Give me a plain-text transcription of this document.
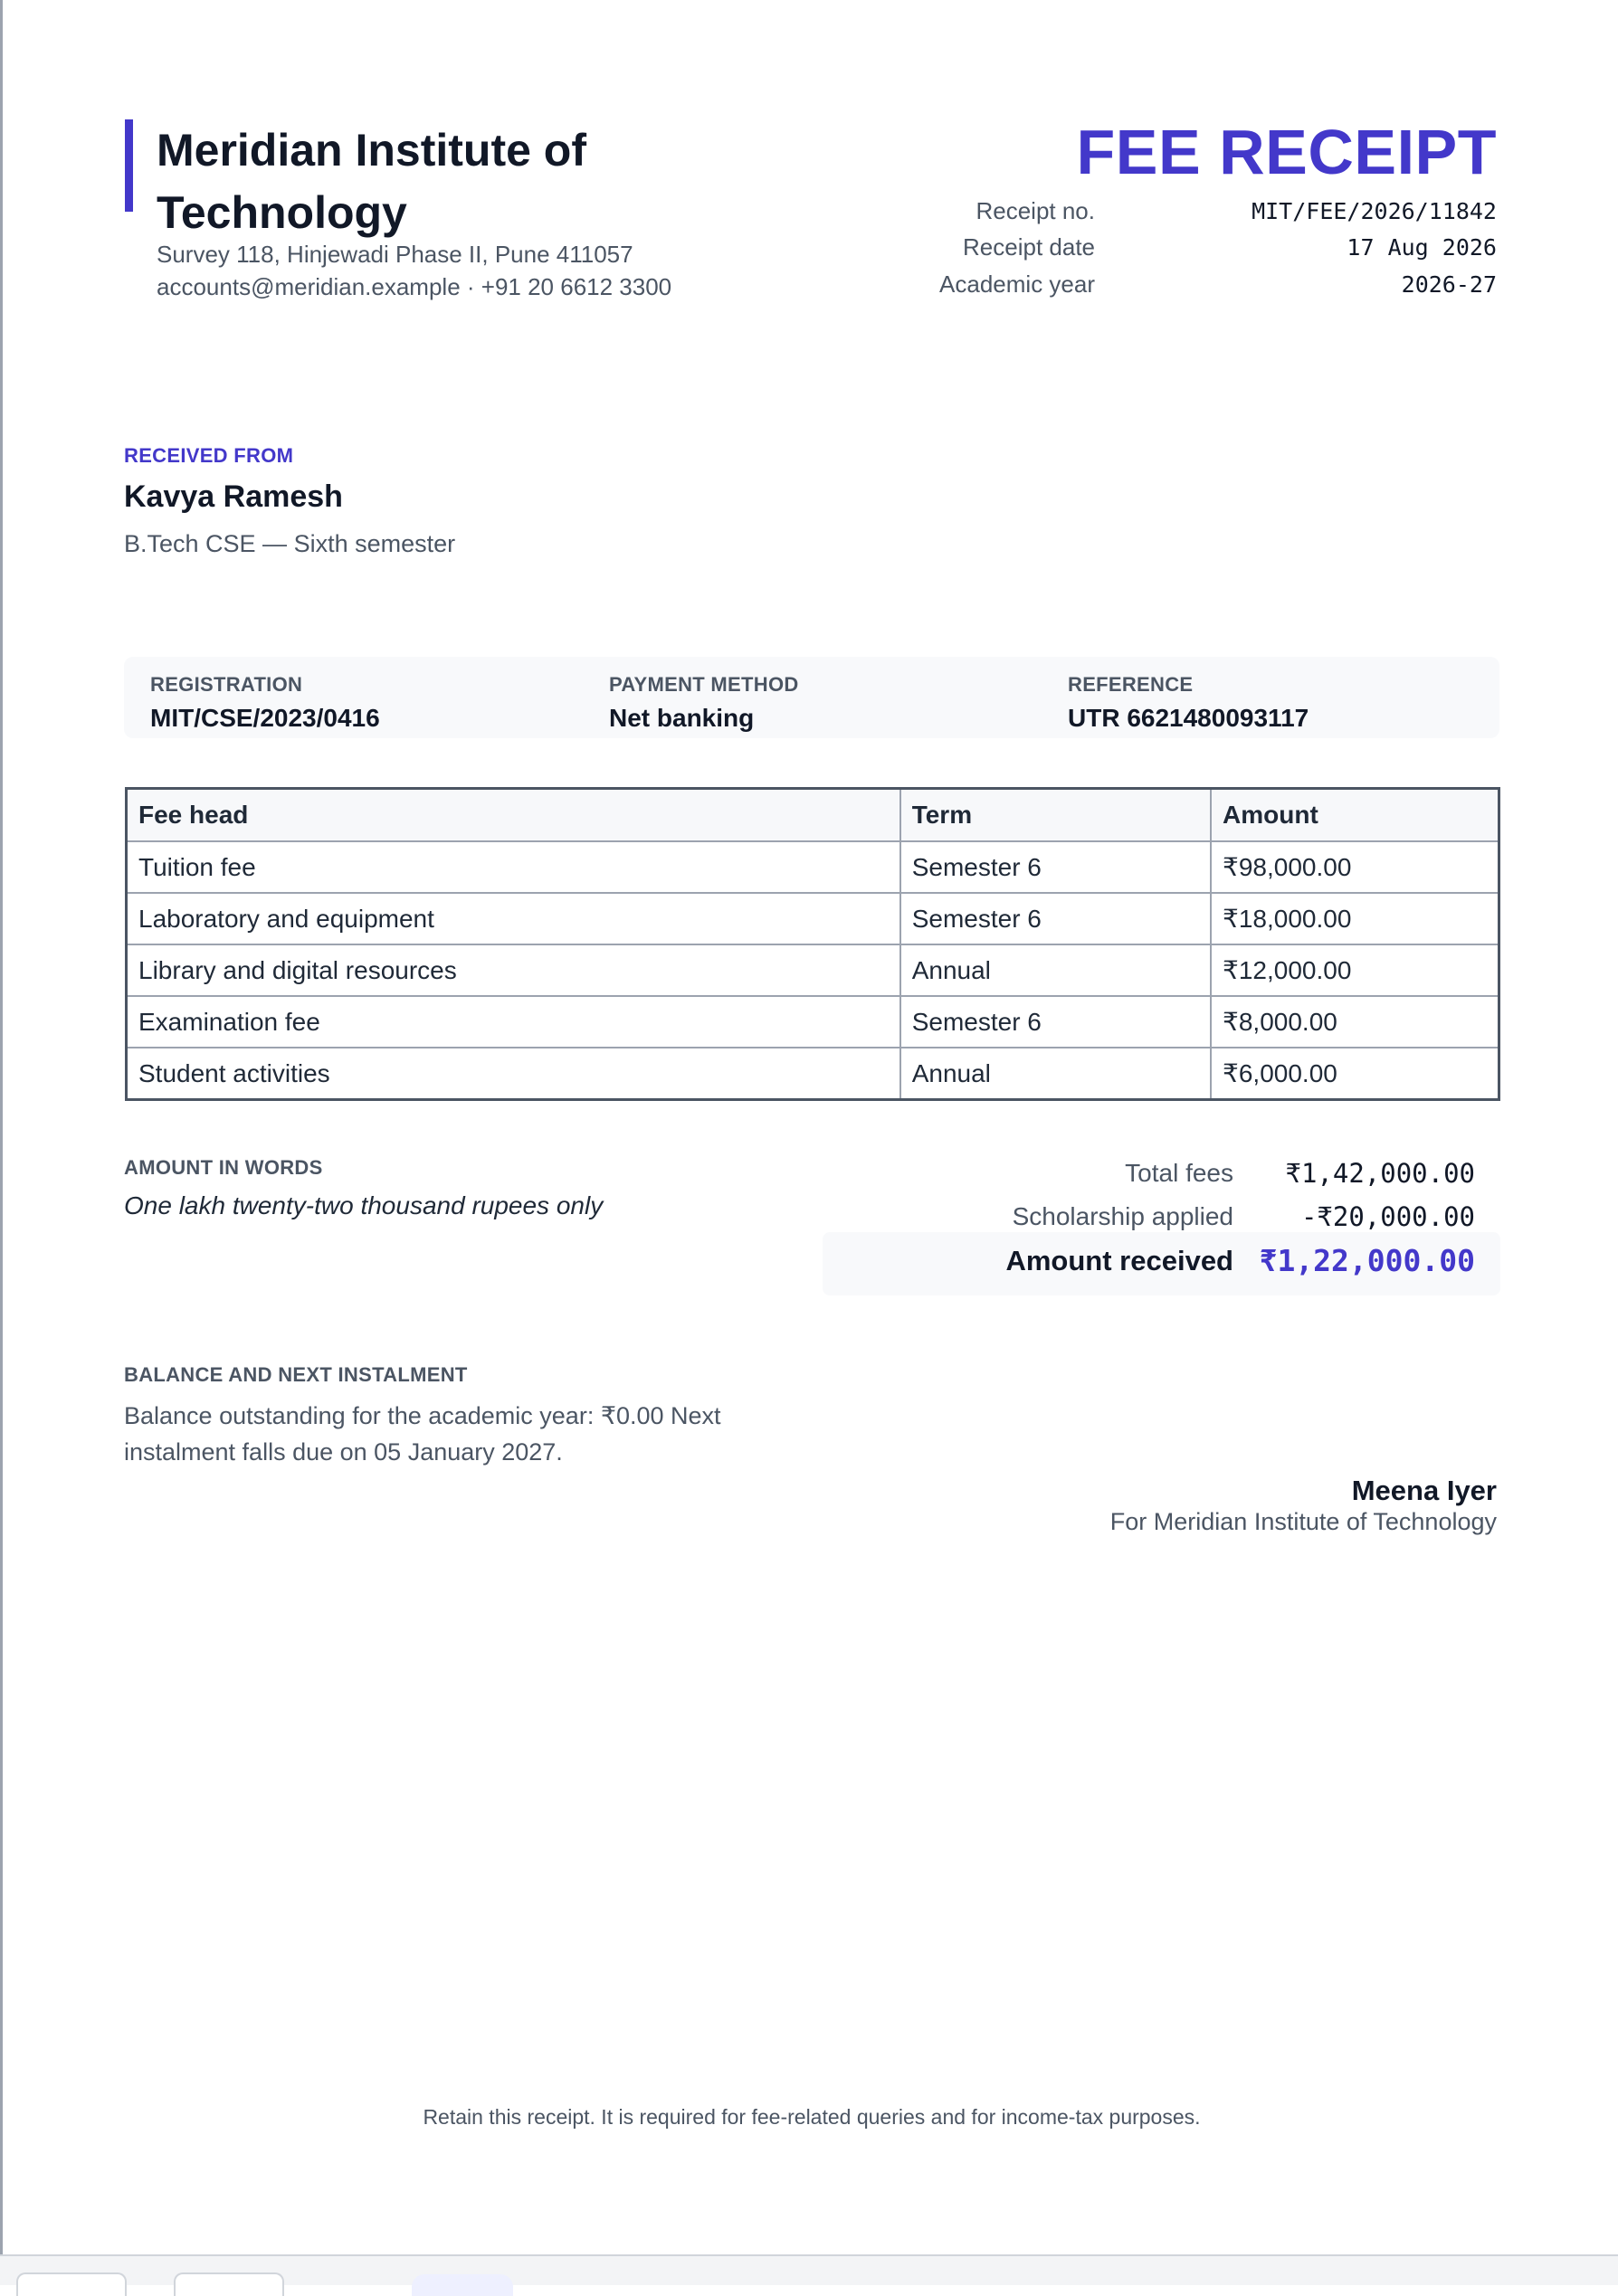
Meridian Institute of Technology
Survey 118, Hinjewadi Phase II, Pune 411057
accounts@meridian.example · +91 20 6612 3300
FEE RECEIPT
Receipt no.	MIT/FEE/2026/11842
Receipt date	17 Aug 2026
Academic year	2026-27
RECEIVED FROM
Kavya Ramesh
B.Tech CSE — Sixth semester
REGISTRATION
MIT/CSE/2023/0416
PAYMENT METHOD
Net banking
REFERENCE
UTR 6621480093117
Fee head	Term	Amount
Tuition fee	Semester 6	₹98,000.00
Laboratory and equipment	Semester 6	₹18,000.00
Library and digital resources	Annual	₹12,000.00
Examination fee	Semester 6	₹8,000.00
Student activities	Annual	₹6,000.00
AMOUNT IN WORDS
One lakh twenty-two thousand rupees only
Total fees ₹1,42,000.00
Scholarship applied	-₹20,000.00
Amount received ₹1,22,000.00
BALANCE AND NEXT INSTALMENT
Balance outstanding for the academic year: ₹0.00 Next instalment falls due on 05 January 2027.
Meena Iyer
For Meridian Institute of Technology
Retain this receipt. It is required for fee-related queries and for income-tax purposes.
